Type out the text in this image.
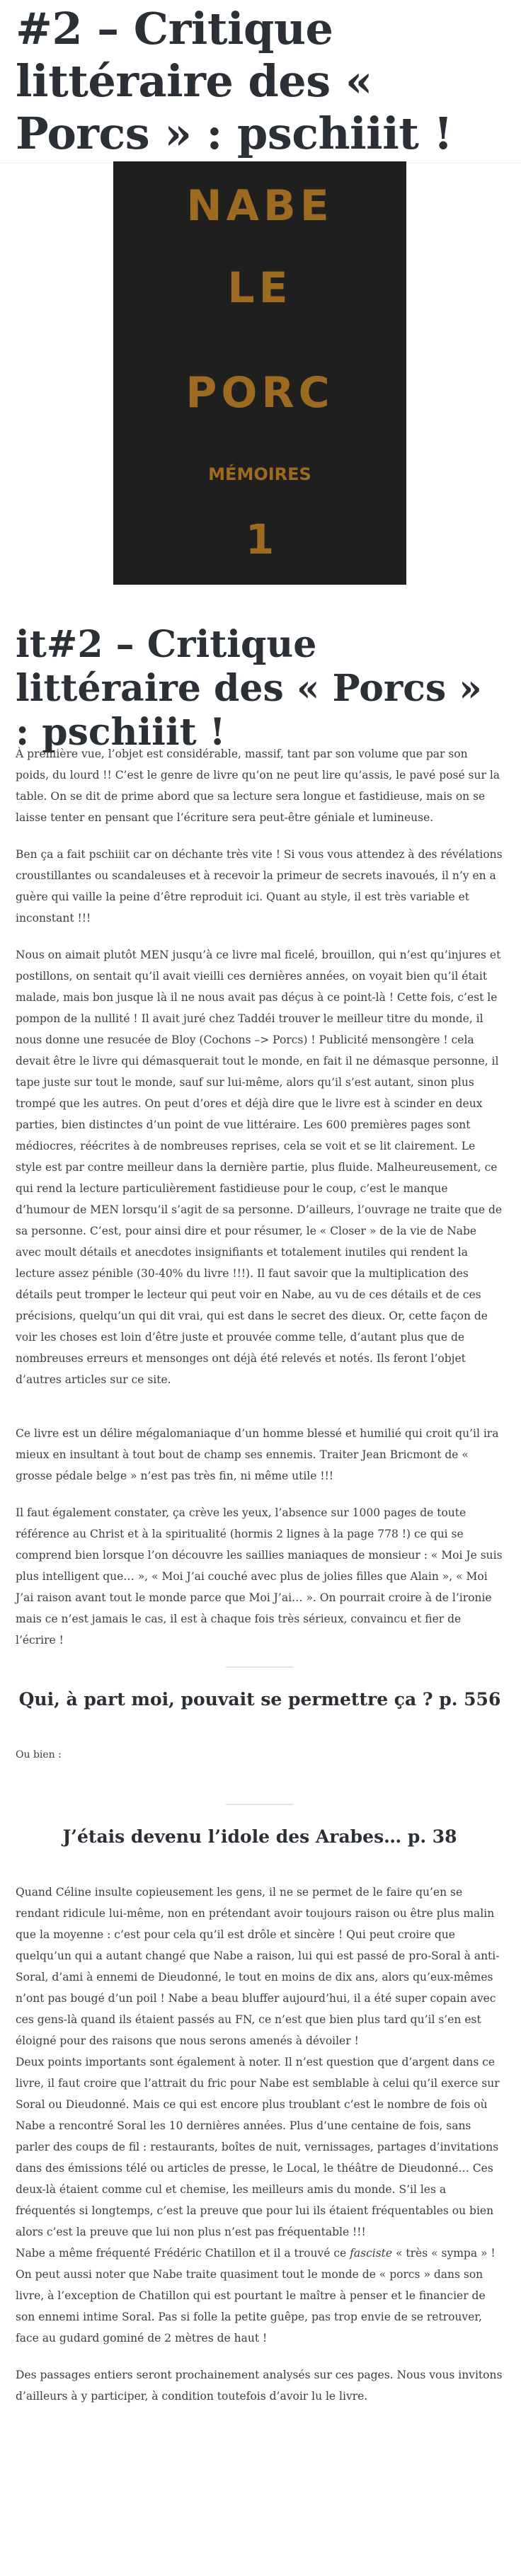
#2 – Critique littéraire des « Porcs » : pschiiit !
NABE
LE
PORC
MÉMOIRES
1
it#2 – Critique littéraire des « Porcs » : pschiiit !

À première vue, l’objet est considérable, massif, tant par son volume que par son poids, du lourd !! C’est le genre de livre qu’on ne peut lire qu’assis, le pavé posé sur la table. On se dit de prime abord que sa lecture sera longue et fastidieuse, mais on se laisse tenter en pensant que l’écriture sera peut-être géniale et lumineuse.

Ben ça a fait pschiiit car on déchante très vite ! Si vous vous attendez à des révélations croustillantes ou scandaleuses et à recevoir la primeur de secrets inavoués, il n’y en a guère qui vaille la peine d’être reproduit ici. Quant au style, il est très variable et inconstant !!!

Nous on aimait plutôt MEN jusqu’à ce livre mal ficelé, brouillon, qui n’est qu’injures et postillons, on sentait qu’il avait vieilli ces dernières années, on voyait bien qu’il était malade, mais bon jusque là il ne nous avait pas déçus à ce point-là ! Cette fois, c’est le pompon de la nullité ! Il avait juré chez Taddéi trouver le meilleur titre du monde, il nous donne une resucée de Bloy (Cochons –> Porcs) ! Publicité mensongère ! cela devait être le livre qui démasquerait tout le monde, en fait il ne démasque personne, il tape juste sur tout le monde, sauf sur lui-même, alors qu’il s’est autant, sinon plus trompé que les autres. On peut d’ores et déjà dire que le livre est à scinder en deux parties, bien distinctes d’un point de vue littéraire. Les 600 premières pages sont médiocres, réécrites à de nombreuses reprises, cela se voit et se lit clairement. Le style est par contre meilleur dans la dernière partie, plus fluide. Malheureusement, ce qui rend la lecture particulièrement fastidieuse pour le coup, c’est le manque d’humour de MEN lorsqu’il s’agit de sa personne. D’ailleurs, l’ouvrage ne traite que de sa personne. C’est, pour ainsi dire et pour résumer, le « Closer » de la vie de Nabe avec moult détails et anecdotes insignifiants et totalement inutiles qui rendent la lecture assez pénible (30-40% du livre !!!). Il faut savoir que la multiplication des détails peut tromper le lecteur qui peut voir en Nabe, au vu de ces détails et de ces précisions, quelqu’un qui dit vrai, qui est dans le secret des dieux. Or, cette façon de voir les choses est loin d’être juste et prouvée comme telle, d’autant plus que de nombreuses erreurs et mensonges ont déjà été relevés et notés. Ils feront l’objet d’autres articles sur ce site.

Ce livre est un délire mégalomaniaque d’un homme blessé et humilié qui croit qu’il ira mieux en insultant à tout bout de champ ses ennemis. Traiter Jean Bricmont de « grosse pédale belge » n’est pas très fin, ni même utile !!!

Il faut également constater, ça crève les yeux, l’absence sur 1000 pages de toute référence au Christ et à la spiritualité (hormis 2 lignes à la page 778 !) ce qui se comprend bien lorsque l’on découvre les saillies maniaques de monsieur : « Moi Je suis plus intelligent que… », « Moi J’ai couché avec plus de jolies filles que Alain », « Moi J’ai raison avant tout le monde parce que Moi J’ai… ». On pourrait croire à de l’ironie mais ce n’est jamais le cas, il est à chaque fois très sérieux, convaincu et fier de l’écrire !

Qui, à part moi, pouvait se permettre ça ? p. 556

Ou bien :

J’étais devenu l’idole des Arabes… p. 38

Quand Céline insulte copieusement les gens, il ne se permet de le faire qu’en se rendant ridicule lui-même, non en prétendant avoir toujours raison ou être plus malin que la moyenne : c’est pour cela qu’il est drôle et sincère ! Qui peut croire que quelqu’un qui a autant changé que Nabe a raison, lui qui est passé de pro-Soral à anti-Soral, d’ami à ennemi de Dieudonné, le tout en moins de dix ans, alors qu’eux-mêmes n’ont pas bougé d’un poil ! Nabe a beau bluffer aujourd’hui, il a été super copain avec ces gens-là quand ils étaient passés au FN, ce n’est que bien plus tard qu’il s’en est éloigné pour des raisons que nous serons amenés à dévoiler !
Deux points importants sont également à noter. Il n’est question que d’argent dans ce livre, il faut croire que l’attrait du fric pour Nabe est semblable à celui qu’il exerce sur Soral ou Dieudonné. Mais ce qui est encore plus troublant c’est le nombre de fois où Nabe a rencontré Soral les 10 dernières années. Plus d’une centaine de fois, sans parler des coups de fil : restaurants, boîtes de nuit, vernissages, partages d’invitations dans des émissions télé ou articles de presse, le Local, le théâtre de Dieudonné… Ces deux-là étaient comme cul et chemise, les meilleurs amis du monde. S’il les a fréquentés si longtemps, c’est la preuve que pour lui ils étaient fréquentables ou bien alors c’est la preuve que lui non plus n’est pas fréquentable !!!
Nabe a même fréquenté Frédéric Chatillon et il a trouvé ce fasciste « très « sympa » ! On peut aussi noter que Nabe traite quasiment tout le monde de « porcs » dans son livre, à l’exception de Chatillon qui est pourtant le maître à penser et le financier de son ennemi intime Soral. Pas si folle la petite guêpe, pas trop envie de se retrouver, face au gudard gominé de 2 mètres de haut !

Des passages entiers seront prochainement analysés sur ces pages. Nous vous invitons d’ailleurs à y participer, à condition toutefois d’avoir lu le livre.
